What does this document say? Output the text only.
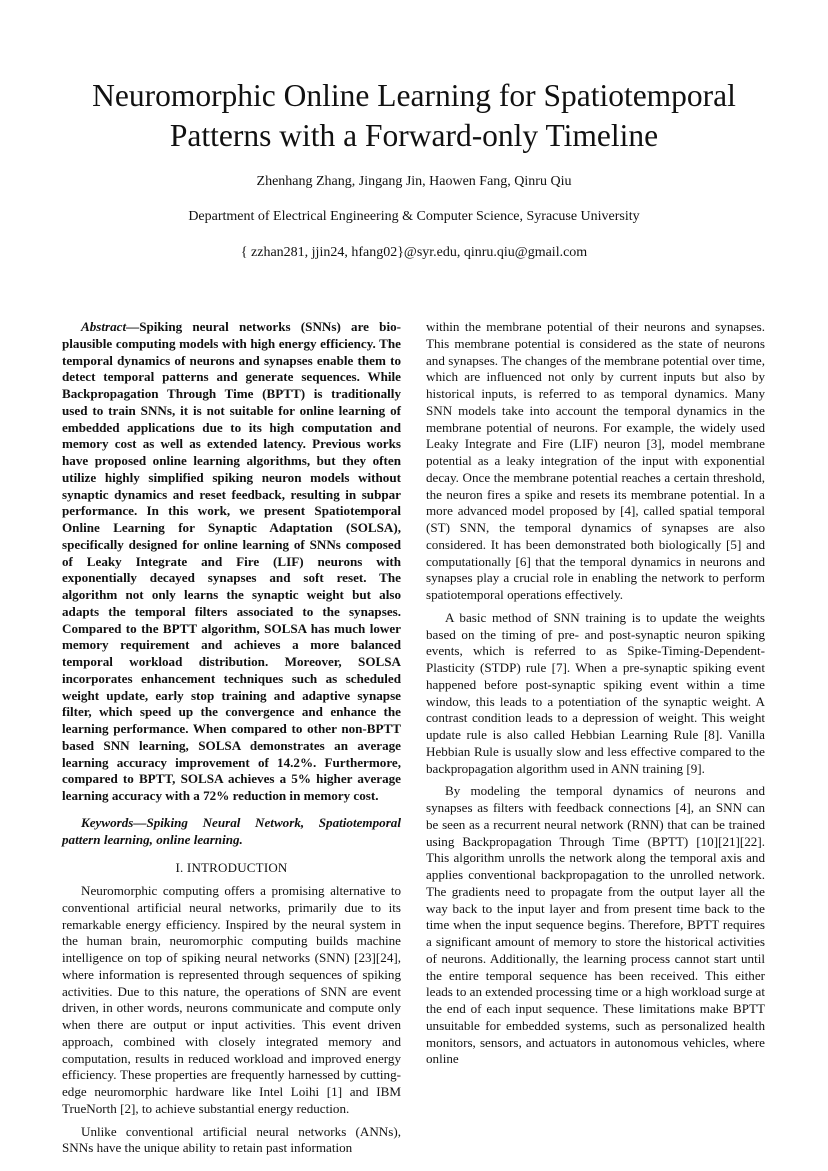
Neuromorphic Online Learning for Spatiotemporal
Patterns with a Forward-only Timeline

Zhenhang Zhang, Jingang Jin, Haowen Fang, Qinru Qiu

Department of Electrical Engineering & Computer Science, Syracuse University

{ zzhan281, jjin24, hfang02}@syr.edu, qinru.qiu@gmail.com

Abstract—Spiking neural networks (SNNs) are bio-plausible computing models with high energy efficiency. The temporal dynamics of neurons and synapses enable them to detect temporal patterns and generate sequences. While Backpropagation Through Time (BPTT) is traditionally used to train SNNs, it is not suitable for online learning of embedded applications due to its high computation and memory cost as well as extended latency. Previous works have proposed online learning algorithms, but they often utilize highly simplified spiking neuron models without synaptic dynamics and reset feedback, resulting in subpar performance. In this work, we present Spatiotemporal Online Learning for Synaptic Adaptation (SOLSA), specifically designed for online learning of SNNs composed of Leaky Integrate and Fire (LIF) neurons with exponentially decayed synapses and soft reset. The algorithm not only learns the synaptic weight but also adapts the temporal filters associated to the synapses. Compared to the BPTT algorithm, SOLSA has much lower memory requirement and achieves a more balanced temporal workload distribution. Moreover, SOLSA incorporates enhancement techniques such as scheduled weight update, early stop training and adaptive synapse filter, which speed up the convergence and enhance the learning performance. When compared to other non-BPTT based SNN learning, SOLSA demonstrates an average learning accuracy improvement of 14.2%. Furthermore, compared to BPTT, SOLSA achieves a 5% higher average learning accuracy with a 72% reduction in memory cost.

Keywords—Spiking Neural Network, Spatiotemporal pattern learning, online learning.

I. INTRODUCTION

Neuromorphic computing offers a promising alternative to conventional artificial neural networks, primarily due to its remarkable energy efficiency. Inspired by the neural system in the human brain, neuromorphic computing builds machine intelligence on top of spiking neural networks (SNN) [23][24], where information is represented through sequences of spiking activities. Due to this nature, the operations of SNN are event driven, in other words, neurons communicate and compute only when there are output or input activities. This event driven approach, combined with closely integrated memory and computation, results in reduced workload and improved energy efficiency. These properties are frequently harnessed by cutting-edge neuromorphic hardware like Intel Loihi [1] and IBM TrueNorth [2], to achieve substantial energy reduction.

Unlike conventional artificial neural networks (ANNs), SNNs have the unique ability to retain past information

within the membrane potential of their neurons and synapses. This membrane potential is considered as the state of neurons and synapses. The changes of the membrane potential over time, which are influenced not only by current inputs but also by historical inputs, is referred to as temporal dynamics. Many SNN models take into account the temporal dynamics in the membrane potential of neurons. For example, the widely used Leaky Integrate and Fire (LIF) neuron [3], model membrane potential as a leaky integration of the input with exponential decay. Once the membrane potential reaches a certain threshold, the neuron fires a spike and resets its membrane potential. In a more advanced model proposed by [4], called spatial temporal (ST) SNN, the temporal dynamics of synapses are also considered. It has been demonstrated both biologically [5] and computationally [6] that the temporal dynamics in neurons and synapses play a crucial role in enabling the network to perform spatiotemporal operations effectively.

A basic method of SNN training is to update the weights based on the timing of pre- and post-synaptic neuron spiking events, which is referred to as Spike-Timing-Dependent-Plasticity (STDP) rule [7]. When a pre-synaptic spiking event happened before post-synaptic spiking event within a time window, this leads to a potentiation of the synaptic weight. A contrast condition leads to a depression of weight. This weight update rule is also called Hebbian Learning Rule [8]. Vanilla Hebbian Rule is usually slow and less effective compared to the backpropagation algorithm used in ANN training [9].

By modeling the temporal dynamics of neurons and synapses as filters with feedback connections [4], an SNN can be seen as a recurrent neural network (RNN) that can be trained using Backpropagation Through Time (BPTT) [10][21][22]. This algorithm unrolls the network along the temporal axis and applies conventional backpropagation to the unrolled network. The gradients need to propagate from the output layer all the way back to the input layer and from present time back to the time when the input sequence begins. Therefore, BPTT requires a significant amount of memory to store the historical activities of neurons. Additionally, the learning process cannot start until the entire temporal sequence has been received. This either leads to an extended processing time or a high workload surge at the end of each input sequence. These limitations make BPTT unsuitable for embedded systems, such as personalized health monitors, sensors, and actuators in autonomous vehicles, where online
